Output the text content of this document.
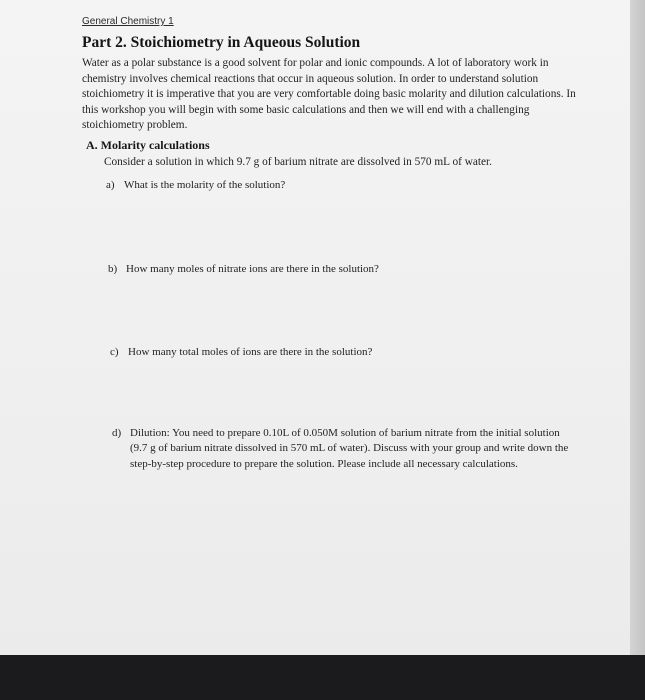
General Chemistry 1

Part 2. Stoichiometry in Aqueous Solution

Water as a polar substance is a good solvent for polar and ionic compounds. A lot of laboratory work in chemistry involves chemical reactions that occur in aqueous solution. In order to understand solution stoichiometry it is imperative that you are very comfortable doing basic molarity and dilution calculations. In this workshop you will begin with some basic calculations and then we will end with a challenging stoichiometry problem.

A. Molarity calculations

Consider a solution in which 9.7 g of barium nitrate are dissolved in 570 mL of water.

a) What is the molarity of the solution?
b) How many moles of nitrate ions are there in the solution?
c) How many total moles of ions are there in the solution?
d) Dilution: You need to prepare 0.10L of 0.050M solution of barium nitrate from the initial solution (9.7 g of barium nitrate dissolved in 570 mL of water). Discuss with your group and write down the step-by-step procedure to prepare the solution. Please include all necessary calculations.
